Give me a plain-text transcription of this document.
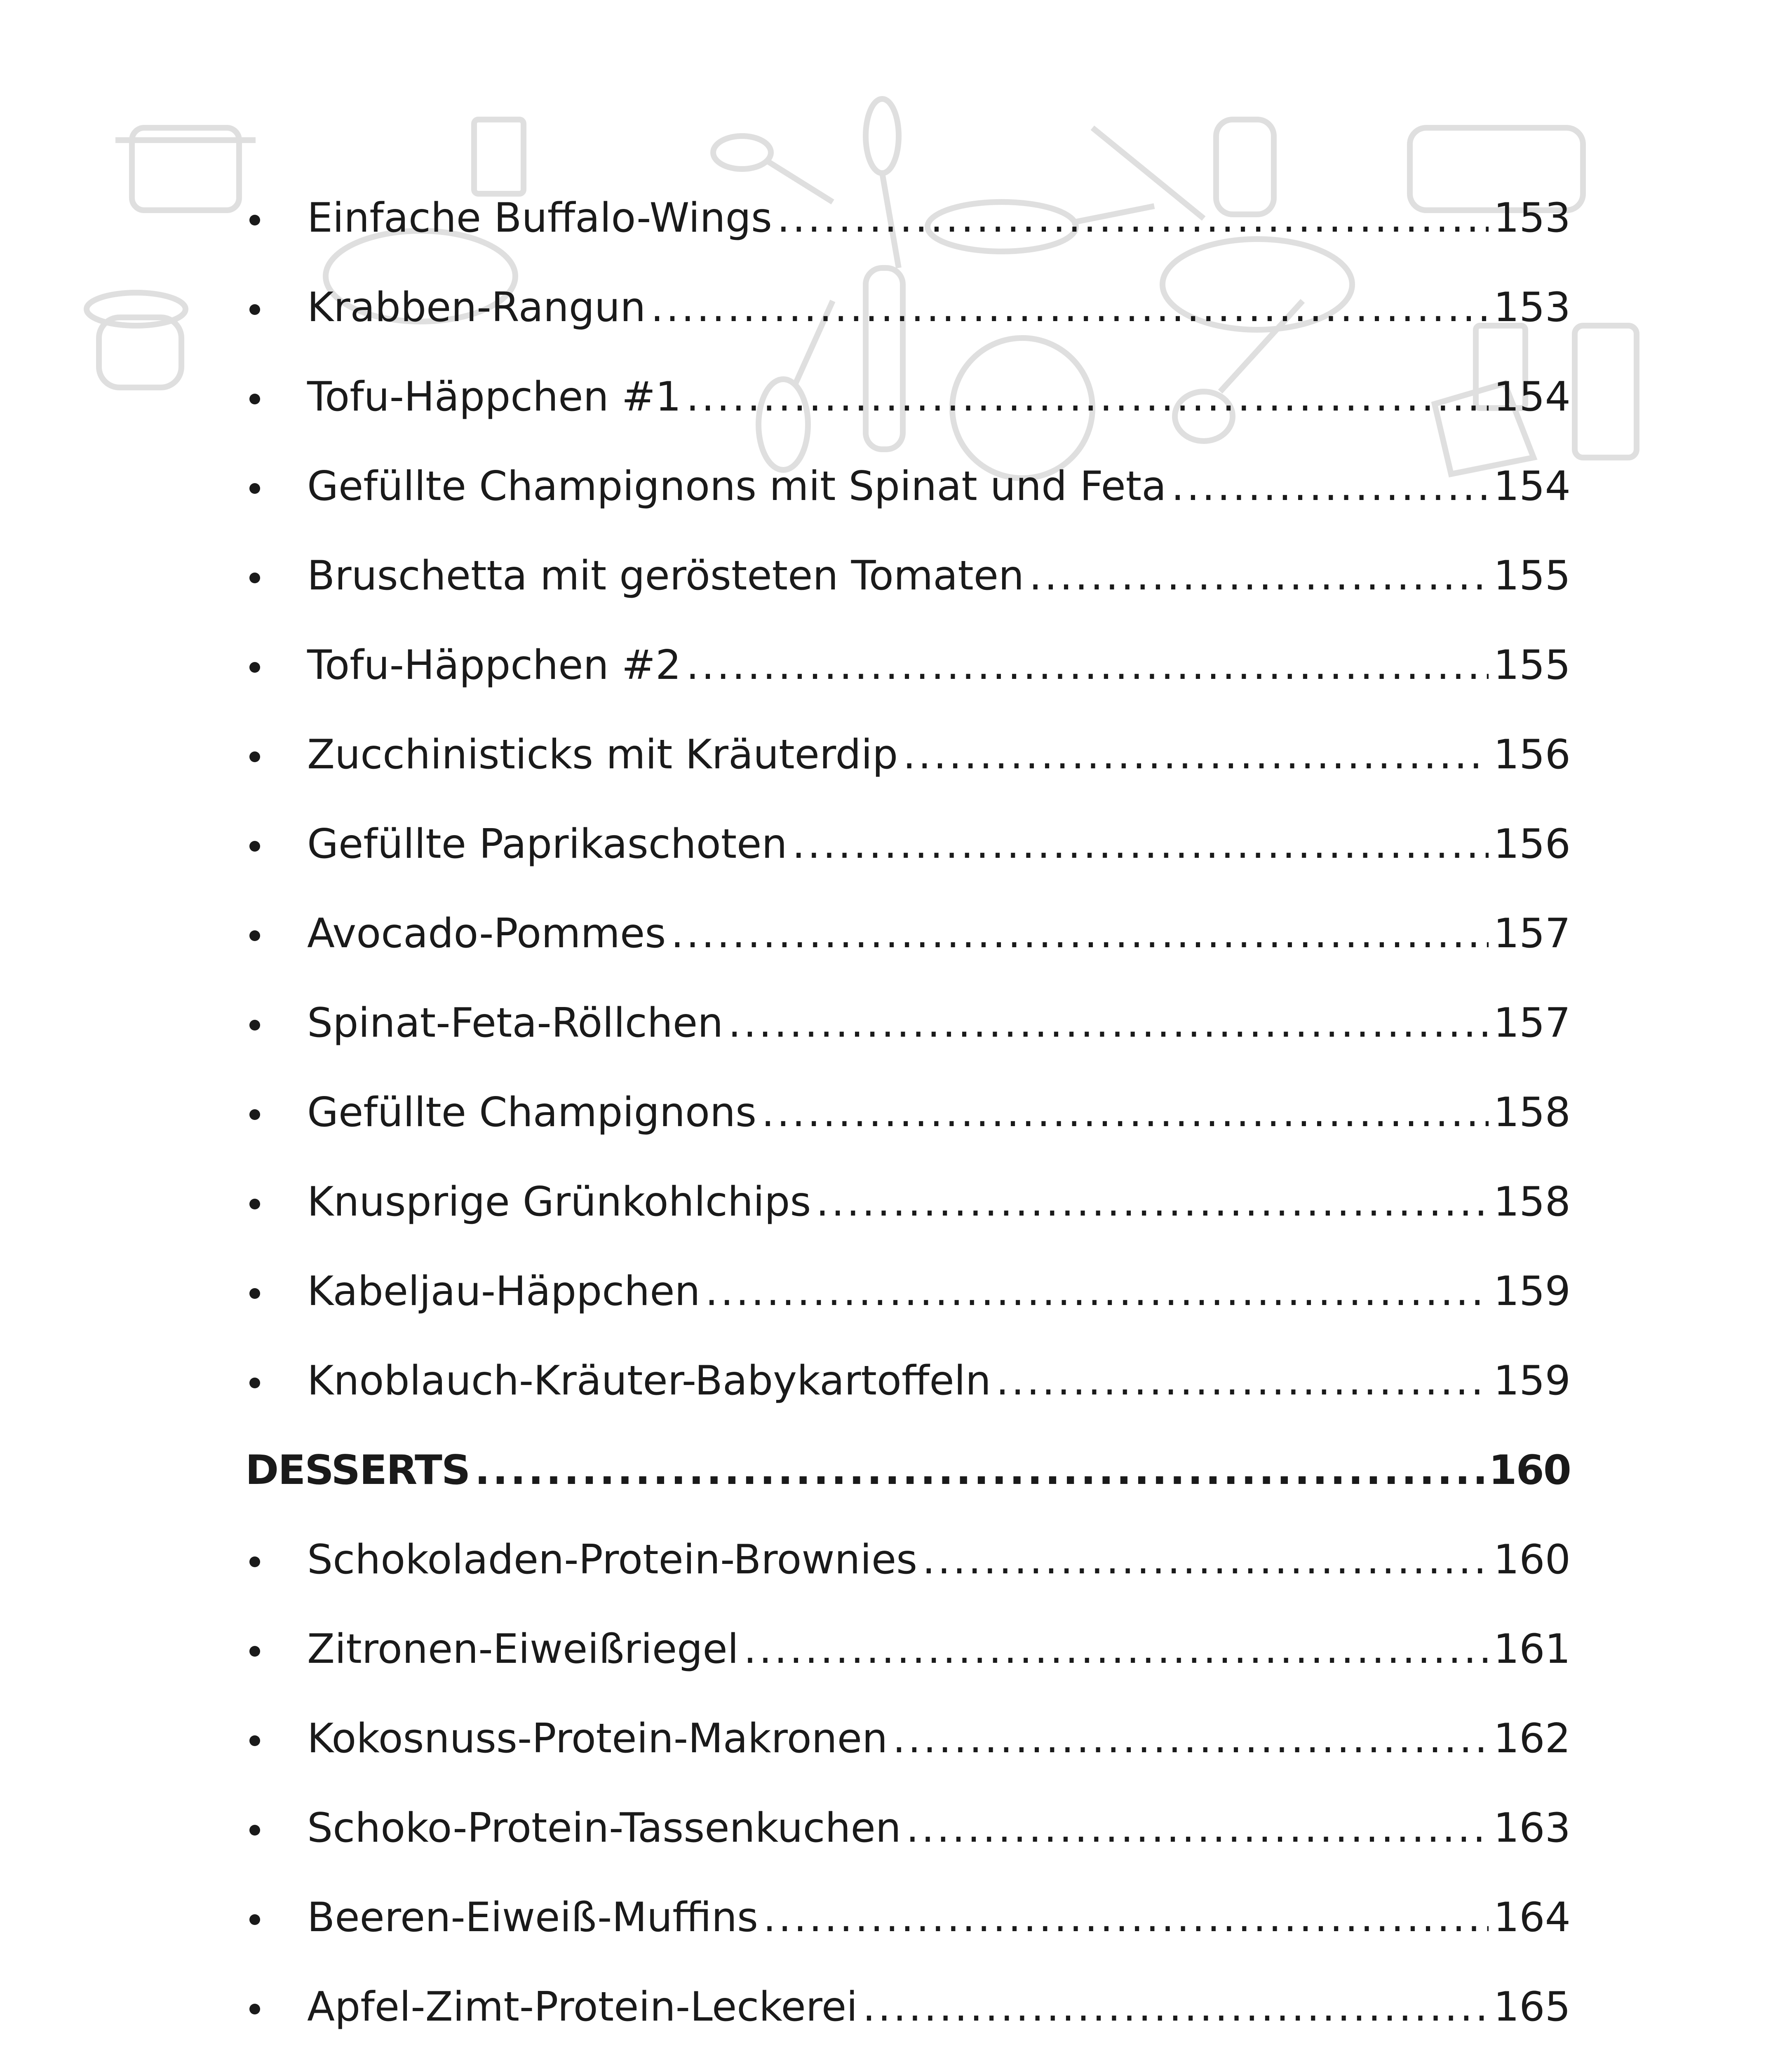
Einfache Buffalo-Wings .....	153
Krabben-Rangun .....	153
Tofu-Häppchen #1 .....	154
Gefüllte Champignons mit Spinat und Feta .....	154
Bruschetta mit gerösteten Tomaten .....	155
Tofu-Häppchen #2 .....	155
Zucchinisticks mit Kräuterdip .....	156
Gefüllte Paprikaschoten .....	156
Avocado-Pommes .....	157
Spinat-Feta-Röllchen .....	157
Gefüllte Champignons .....	158
Knusprige Grünkohlchips .....	158
Kabeljau-Häppchen .....	159
Knoblauch-Kräuter-Babykartoffeln .....	159
DESSERTS .....	160
Schokoladen-Protein-Brownies .....	160
Zitronen-Eiweißriegel .....	161
Kokosnuss-Protein-Makronen .....	162
Schoko-Protein-Tassenkuchen .....	163
Beeren-Eiweiß-Muffins .....	164
Apfel-Zimt-Protein-Leckerei .....	165
